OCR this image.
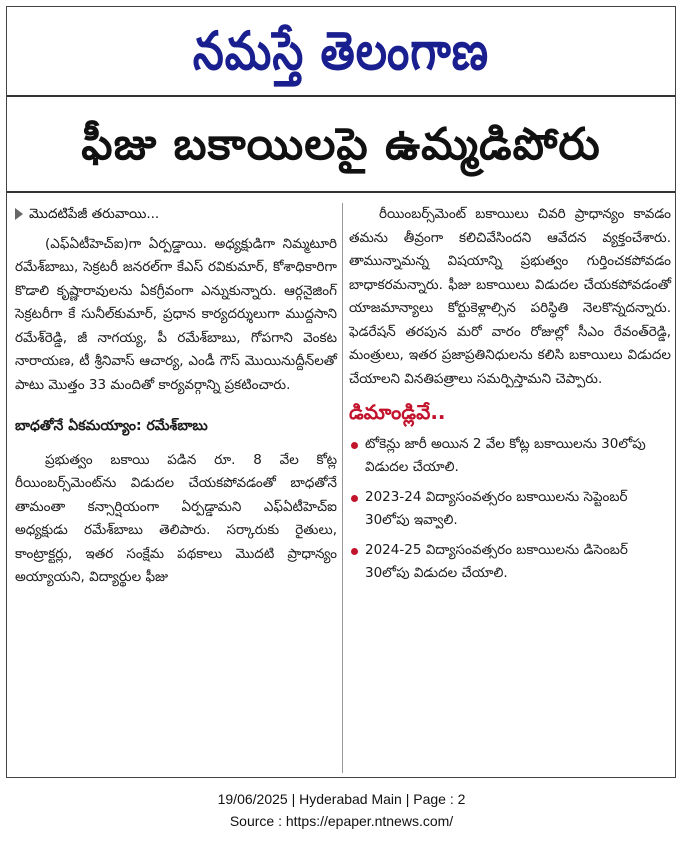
నమస్తే తెలంగాణ
ఫీజు బకాయిలపై ఉమ్మడిపోరు
మొదటిపేజీ తరువాయి...

(ఎఫ్ఏటీహెచ్ఐ)గా ఏర్పడ్డాయి. అధ్యక్షుడిగా నిమ్మటూరి రమేశ్‌బాబు, సెక్రటరీ జనరల్‌గా కేఎస్ రవికుమార్, కోశాధికారిగా కొడాలి కృష్ణారావులను ఏకగ్రీవంగా ఎన్నుకున్నారు. ఆర్గనైజింగ్ సెక్రటరీగా కే సునీల్‌కుమార్, ప్రధాన కార్యదర్శులుగా ముద్దసాని రమేశ్‌రెడ్డి, జీ నాగయ్య, పీ రమేశ్‌బాబు, గోపగాని వెంకట నారాయణ, టీ శ్రీనివాస్ ఆచార్య, ఎండీ గౌస్ మొయినుద్దీన్‌లతో పాటు మొత్తం 33 మందితో కార్యవర్గాన్ని ప్రకటించారు.

బాధతోనే ఏకమయ్యాం: రమేశ్‌బాబు

ప్రభుత్వం బకాయి పడిన రూ. 8 వేల కోట్ల రీయింబర్స్‌మెంట్‌ను విడుదల చేయకపోవడంతో బాధతోనే తామంతా కన్సార్షియంగా ఏర్పడ్డామని ఎఫ్ఏటీహెచ్ఐ అధ్యక్షుడు రమేశ్‌బాబు తెలిపారు. సర్కారుకు రైతులు, కాంట్రాక్టర్లు, ఇతర సంక్షేమ పథకాలు మొదటి ప్రాధాన్యం అయ్యాయని, విద్యార్థుల ఫీజు

రీయింబర్స్‌మెంట్ బకాయిలు చివరి ప్రాధాన్యం కావడం తమను తీవ్రంగా కలిచివేసిందని ఆవేదన వ్యక్తంచేశారు. తామున్నామన్న విషయాన్ని ప్రభుత్వం గుర్తించకపోవడం బాధాకరమన్నారు. ఫీజు బకాయిలు విడుదల చేయకపోవడంతో యాజమాన్యాలు కోర్టుకెళ్లాల్సిన పరిస్థితి నెలకొన్నదన్నారు. ఫెడరేషన్ తరపున మరో వారం రోజుల్లో సీఎం రేవంత్‌రెడ్డి, మంత్రులు, ఇతర ప్రజాప్రతినిధులను కలిసి బకాయిలు విడుదల చేయాలని వినతిపత్రాలు సమర్పిస్తామని చెప్పారు.

డిమాండ్లివే..
టోకెన్లు జారీ అయిన 2 వేల కోట్ల బకాయిలను 30లోపు విడుదల చేయాలి.
2023-24 విద్యాసంవత్సరం బకాయిలను సెప్టెంబర్ 30లోపు ఇవ్వాలి.
2024-25 విద్యాసంవత్సరం బకాయిలను డిసెంబర్ 30లోపు విడుదల చేయాలి.
19/06/2025 | Hyderabad Main | Page : 2
Source : https://epaper.ntnews.com/
